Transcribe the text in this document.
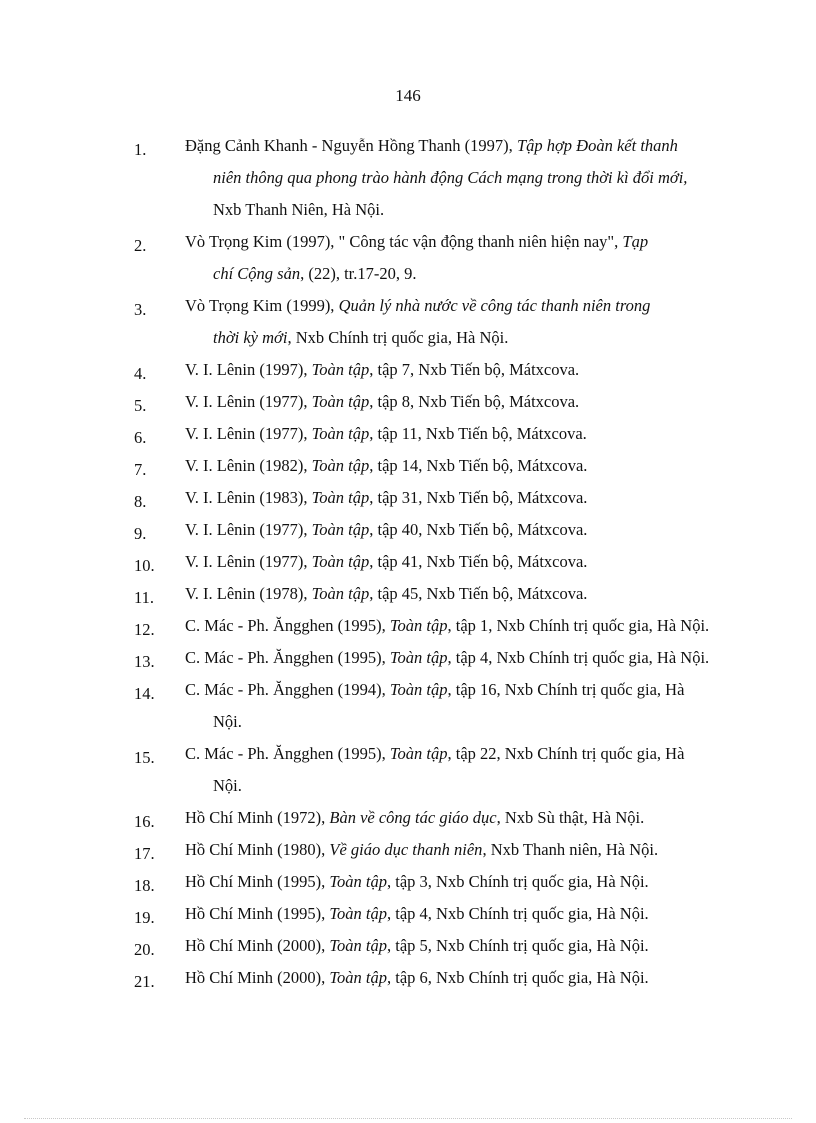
146
1. Đặng Cảnh Khanh - Nguyễn Hồng Thanh (1997), Tập hợp Đoàn kết thanh
niên thông qua phong trào hành động Cách mạng trong thời kì đổi mới,
Nxb Thanh Niên, Hà Nội.
2. Vò Trọng Kim (1997), " Công tác vận động thanh niên hiện nay", Tạp
chí Cộng sản, (22), tr.17-20, 9.
3. Vò Trọng Kim (1999), Quản lý nhà nước về công tác thanh niên trong
thời kỳ mới, Nxb Chính trị quốc gia, Hà Nội.
4. V. I. Lênin (1997), Toàn tập, tập 7, Nxb Tiến bộ, Mátxcova.
5. V. I. Lênin (1977), Toàn tập, tập 8, Nxb Tiến bộ, Mátxcova.
6. V. I. Lênin (1977), Toàn tập, tập 11, Nxb Tiến bộ, Mátxcova.
7. V. I. Lênin (1982), Toàn tập, tập 14, Nxb Tiến bộ, Mátxcova.
8. V. I. Lênin (1983), Toàn tập, tập 31, Nxb Tiến bộ, Mátxcova.
9. V. I. Lênin (1977), Toàn tập, tập 40, Nxb Tiến bộ, Mátxcova.
10. V. I. Lênin (1977), Toàn tập, tập 41, Nxb Tiến bộ, Mátxcova.
11. V. I. Lênin (1978), Toàn tập, tập 45, Nxb Tiến bộ, Mátxcova.
12. C. Mác - Ph. Ăngghen (1995), Toàn tập, tập 1, Nxb Chính trị quốc gia, Hà Nội.
13. C. Mác - Ph. Ăngghen (1995), Toàn tập, tập 4, Nxb Chính trị quốc gia, Hà Nội.
14. C. Mác - Ph. Ăngghen (1994), Toàn tập, tập 16, Nxb Chính trị quốc gia, Hà
Nội.
15. C. Mác - Ph. Ăngghen (1995), Toàn tập, tập 22, Nxb Chính trị quốc gia, Hà
Nội.
16. Hồ Chí Minh (1972), Bàn về công tác giáo dục, Nxb Sù thật, Hà Nội.
17. Hồ Chí Minh (1980), Về giáo dục thanh niên, Nxb Thanh niên, Hà Nội.
18. Hồ Chí Minh (1995), Toàn tập, tập 3, Nxb Chính trị quốc gia, Hà Nội.
19. Hồ Chí Minh (1995), Toàn tập, tập 4, Nxb Chính trị quốc gia, Hà Nội.
20. Hồ Chí Minh (2000), Toàn tập, tập 5, Nxb Chính trị quốc gia, Hà Nội.
21. Hồ Chí Minh (2000), Toàn tập, tập 6, Nxb Chính trị quốc gia, Hà Nội.
